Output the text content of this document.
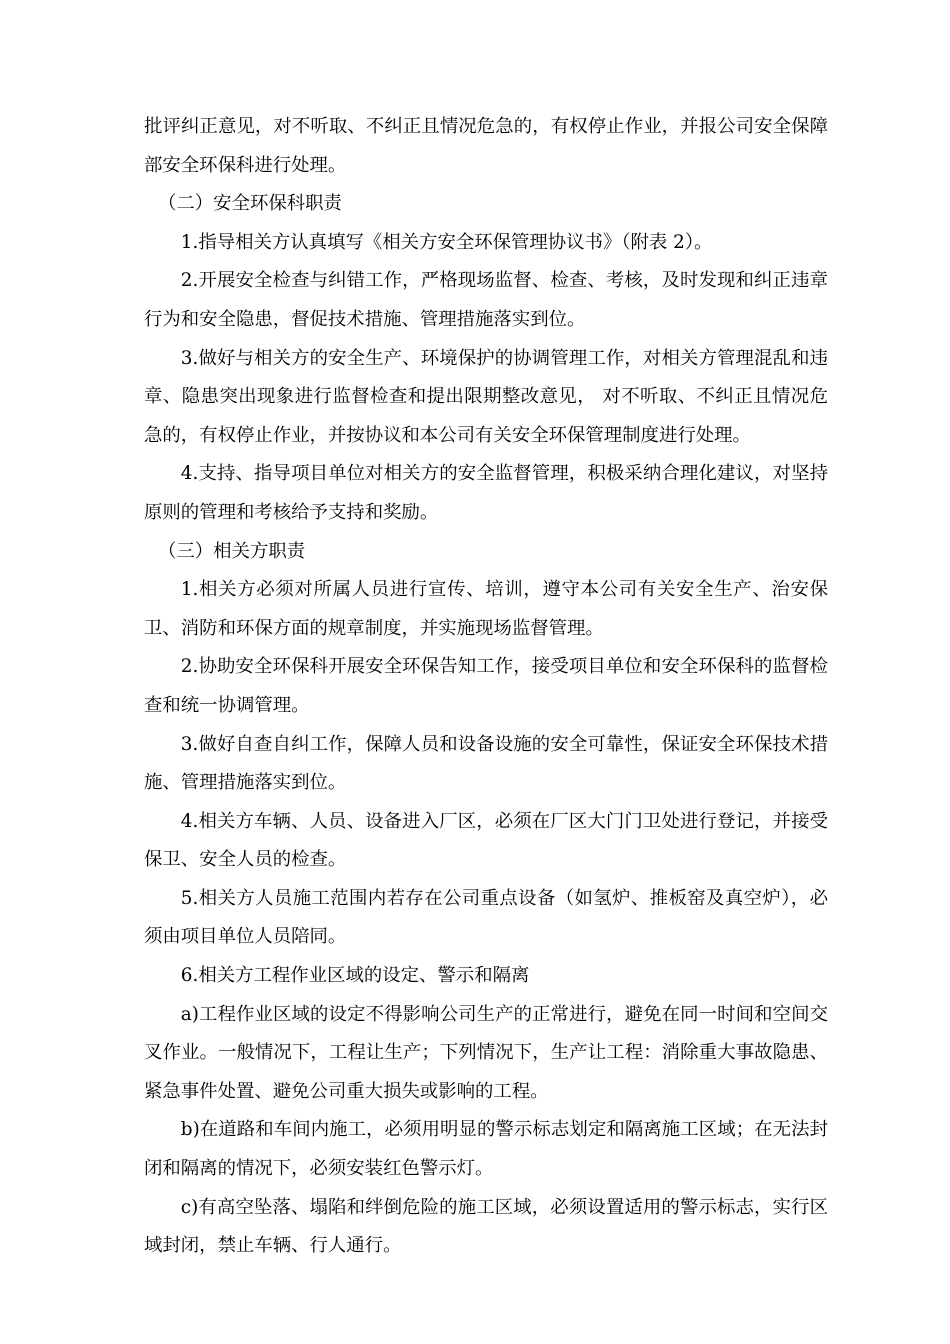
批评纠正意见，对不听取、不纠正且情况危急的，有权停止作业，并报公司安全保障部安全环保科进行处理。

（二）安全环保科职责

1.指导相关方认真填写《相关方安全环保管理协议书》（附表 2）。

2.开展安全检查与纠错工作，严格现场监督、检查、考核，及时发现和纠正违章行为和安全隐患，督促技术措施、管理措施落实到位。

3.做好与相关方的安全生产、环境保护的协调管理工作，对相关方管理混乱和违章、隐患突出现象进行监督检查和提出限期整改意见， 对不听取、不纠正且情况危急的，有权停止作业，并按协议和本公司有关安全环保管理制度进行处理。

4.支持、指导项目单位对相关方的安全监督管理，积极采纳合理化建议，对坚持原则的管理和考核给予支持和奖励。

（三）相关方职责

1.相关方必须对所属人员进行宣传、培训，遵守本公司有关安全生产、治安保卫、消防和环保方面的规章制度，并实施现场监督管理。

2.协助安全环保科开展安全环保告知工作，接受项目单位和安全环保科的监督检查和统一协调管理。

3.做好自查自纠工作，保障人员和设备设施的安全可靠性，保证安全环保技术措施、管理措施落实到位。

4.相关方车辆、人员、设备进入厂区，必须在厂区大门门卫处进行登记，并接受保卫、安全人员的检查。

5.相关方人员施工范围内若存在公司重点设备（如氢炉、推板窑及真空炉），必须由项目单位人员陪同。

6.相关方工程作业区域的设定、警示和隔离

a)工程作业区域的设定不得影响公司生产的正常进行，避免在同一时间和空间交叉作业。一般情况下，工程让生产；下列情况下，生产让工程：消除重大事故隐患、紧急事件处置、避免公司重大损失或影响的工程。

b)在道路和车间内施工，必须用明显的警示标志划定和隔离施工区域；在无法封闭和隔离的情况下，必须安装红色警示灯。

c)有高空坠落、塌陷和绊倒危险的施工区域，必须设置适用的警示标志，实行区域封闭，禁止车辆、行人通行。
